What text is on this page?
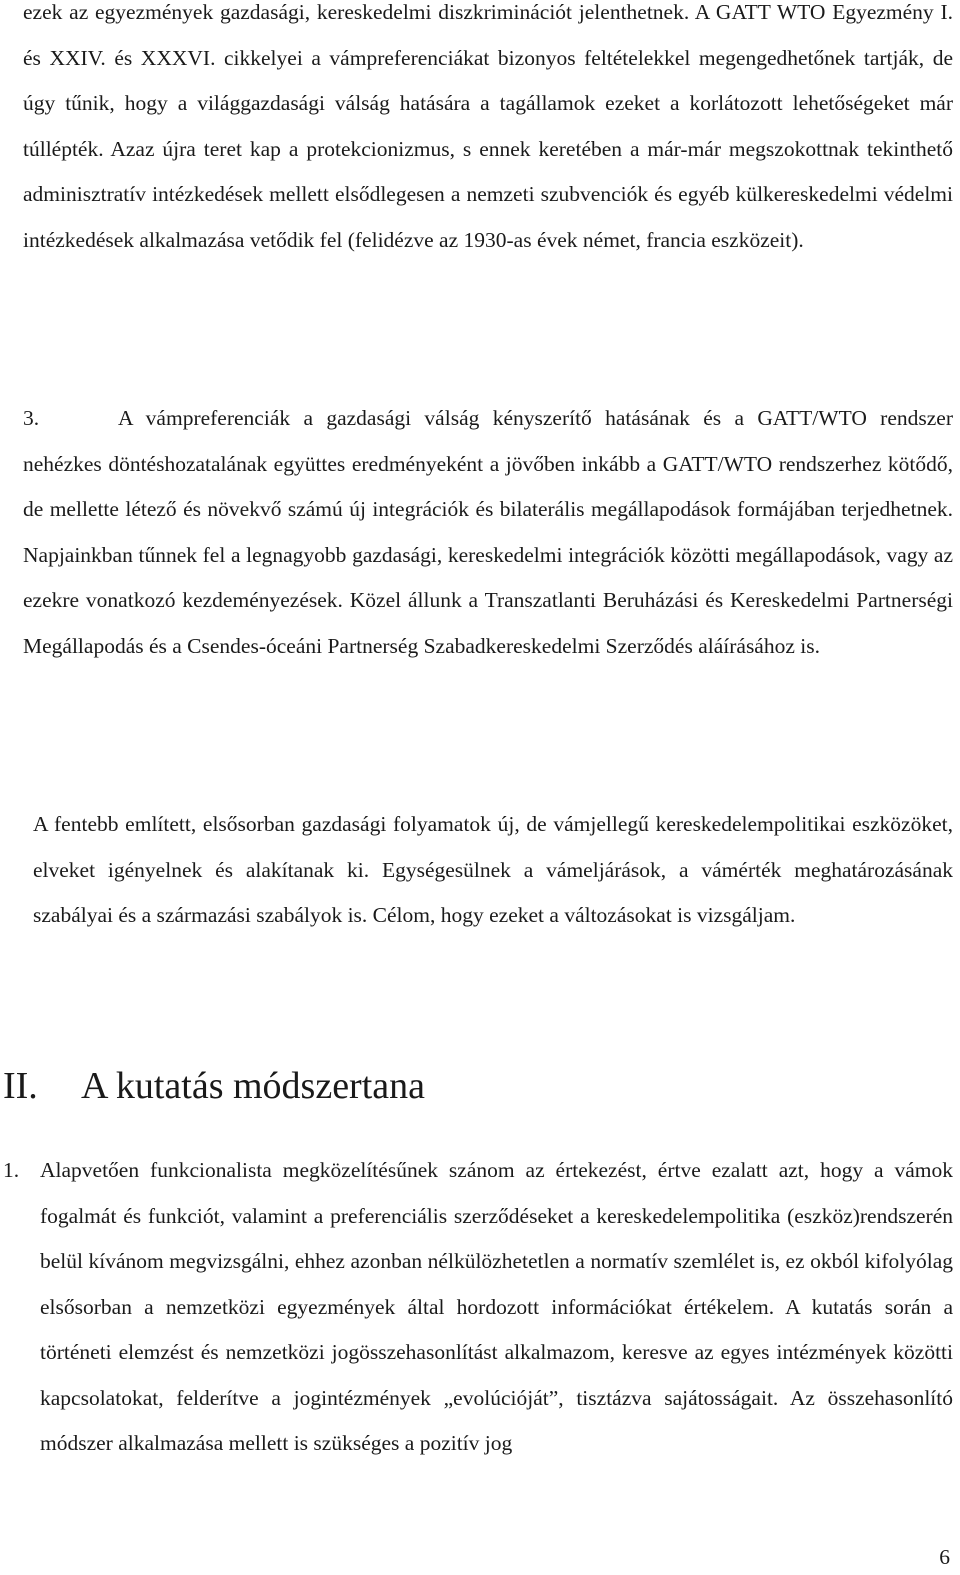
ezek az egyezmények gazdasági, kereskedelmi diszkriminációt jelenthetnek. A GATT WTO Egyezmény I. és XXIV. és XXXVI. cikkelyei a vámpreferenciákat bizonyos feltételekkel megengedhetőnek tartják, de úgy tűnik, hogy a világgazdasági válság hatására a tagállamok ezeket a korlátozott lehetőségeket már túllépték. Azaz újra teret kap a protekcionizmus, s ennek keretében a már-már megszokottnak tekinthető adminisztratív intézkedések mellett elsődlegesen a nemzeti szubvenciók és egyéb külkereskedelmi védelmi intézkedések alkalmazása vetődik fel (felidézve az 1930-as évek német, francia eszközeit).

3.	A vámpreferenciák a gazdasági válság kényszerítő hatásának és a GATT/WTO rendszer nehézkes döntéshozatalának együttes eredményeként a jövőben inkább a GATT/WTO rendszerhez kötődő, de mellette létező és növekvő számú új integrációk és bilaterális megállapodások formájában terjedhetnek. Napjainkban tűnnek fel a legnagyobb gazdasági, kereskedelmi integrációk közötti megállapodások, vagy az ezekre vonatkozó kezdeményezések. Közel állunk a Transzatlanti Beruházási és Kereskedelmi Partnerségi Megállapodás és a Csendes-óceáni Partnerség Szabadkereskedelmi Szerződés aláírásához is.

A fentebb említett, elsősorban gazdasági folyamatok új, de vámjellegű kereskedelempolitikai eszközöket, elveket igényelnek és alakítanak ki. Egységesülnek a vámeljárások, a vámérték meghatározásának szabályai és a származási szabályok is. Célom, hogy ezeket a változásokat is vizsgáljam.

II. A kutatás módszertana
1. Alapvetően funkcionalista megközelítésűnek szánom az értekezést, értve ezalatt azt, hogy a vámok fogalmát és funkciót, valamint a preferenciális szerződéseket a kereskedelempolitika (eszköz)rendszerén belül kívánom megvizsgálni, ehhez azonban nélkülözhetetlen a normatív szemlélet is, ez okból kifolyólag elsősorban a nemzetközi egyezmények által hordozott információkat értékelem. A kutatás során a történeti elemzést és nemzetközi jogösszehasonlítást alkalmazom, keresve az egyes intézmények közötti kapcsolatokat, felderítve a jogintézmények „evolúcióját”, tisztázva sajátosságait. Az összehasonlító módszer alkalmazása mellett is szükséges a pozitív jog

6
